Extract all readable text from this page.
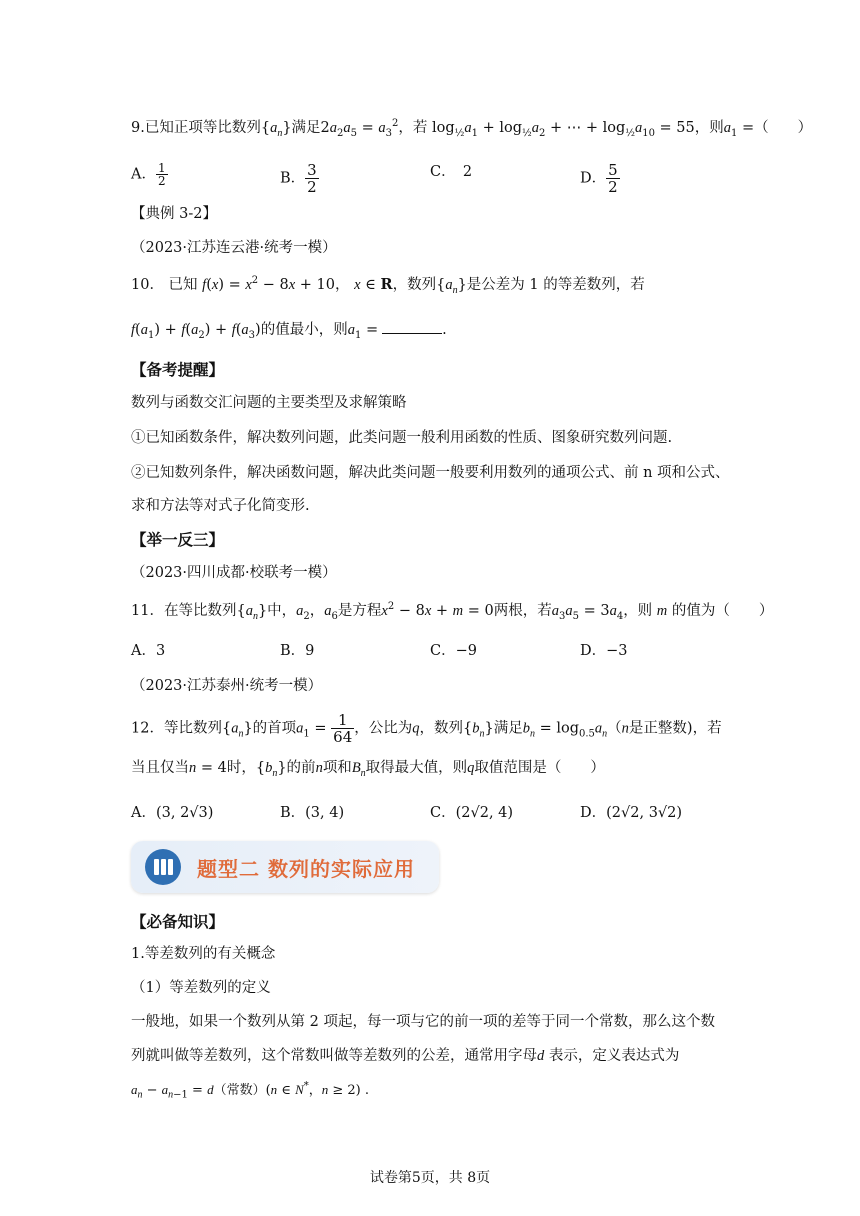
9.已知正项等比数列$\{a_n\}$满足$2a_2a_5 = a_3^2$，若 $\log_{\frac{1}{2}}a_1 + \log_{\frac{1}{2}}a_2$ + ⋯ + $\log_{\frac{1}{2}}a_{10} = 55$，则$a_1$ =（　　）
A． $\frac{1}{2}$	B． $\frac{3}{2}$	C．　2	D． $\frac{5}{2}$
【典例 3-2】
（2023·江苏连云港·统考一模）
10． 已知 $f(x) = x^2 - 8x + 10$， x ∈ R，数列$\{a_n\}$是公差为 1 的等差数列，若
$f(a_1) + f(a_2) + f(a_3)$的值最小，则$a_1$ =	.
【备考提醒】
数列与函数交汇问题的主要类型及求解策略
①已知函数条件，解决数列问题，此类问题一般利用函数的性质、图象研究数列问题.
②已知数列条件，解决函数问题，解决此类问题一般要利用数列的通项公式、前 n 项和公式、
求和方法等对式子化简变形.
【举一反三】
（2023·四川成都·校联考一模）
11．在等比数列$\{a_n\}$中，$a_2$，$a_6$是方程$x^2 - 8x + m = 0$两根，若$a_3a_5 = 3a_4$，则 m 的值为（　　）
A．3	B．9	C．−9	D．−3
（2023·江苏泰州·统考一模）
12．等比数列$\{a_n\}$的首项$a_1 = \frac{1}{64}$ ，公比为q，数列$\{b_n\}$满足$b_n = \log_{0.5}a_n(n$是正整数)，若
当且仅当n = 4时，$\{b_n\}$的前n项和$B_n$取得最大值，则q取值范围是（　　）
A．(3, 2√3)	B．(3, 4)	C．(2√2, 4)	D．(2√2, 3√2)
题型二 数列的实际应用
【必备知识】
1.等差数列的有关概念
（1）等差数列的定义
一般地，如果一个数列从第 2 项起，每一项与它的前一项的差等于同一个常数，那么这个数
列就叫做等差数列，这个常数叫做等差数列的公差，通常用字母d 表示，定义表达式为
$a_n - a_{n-1} = d$（常数）(n ∈ N*，n ≥ 2) .
试卷第5页，共 8页
